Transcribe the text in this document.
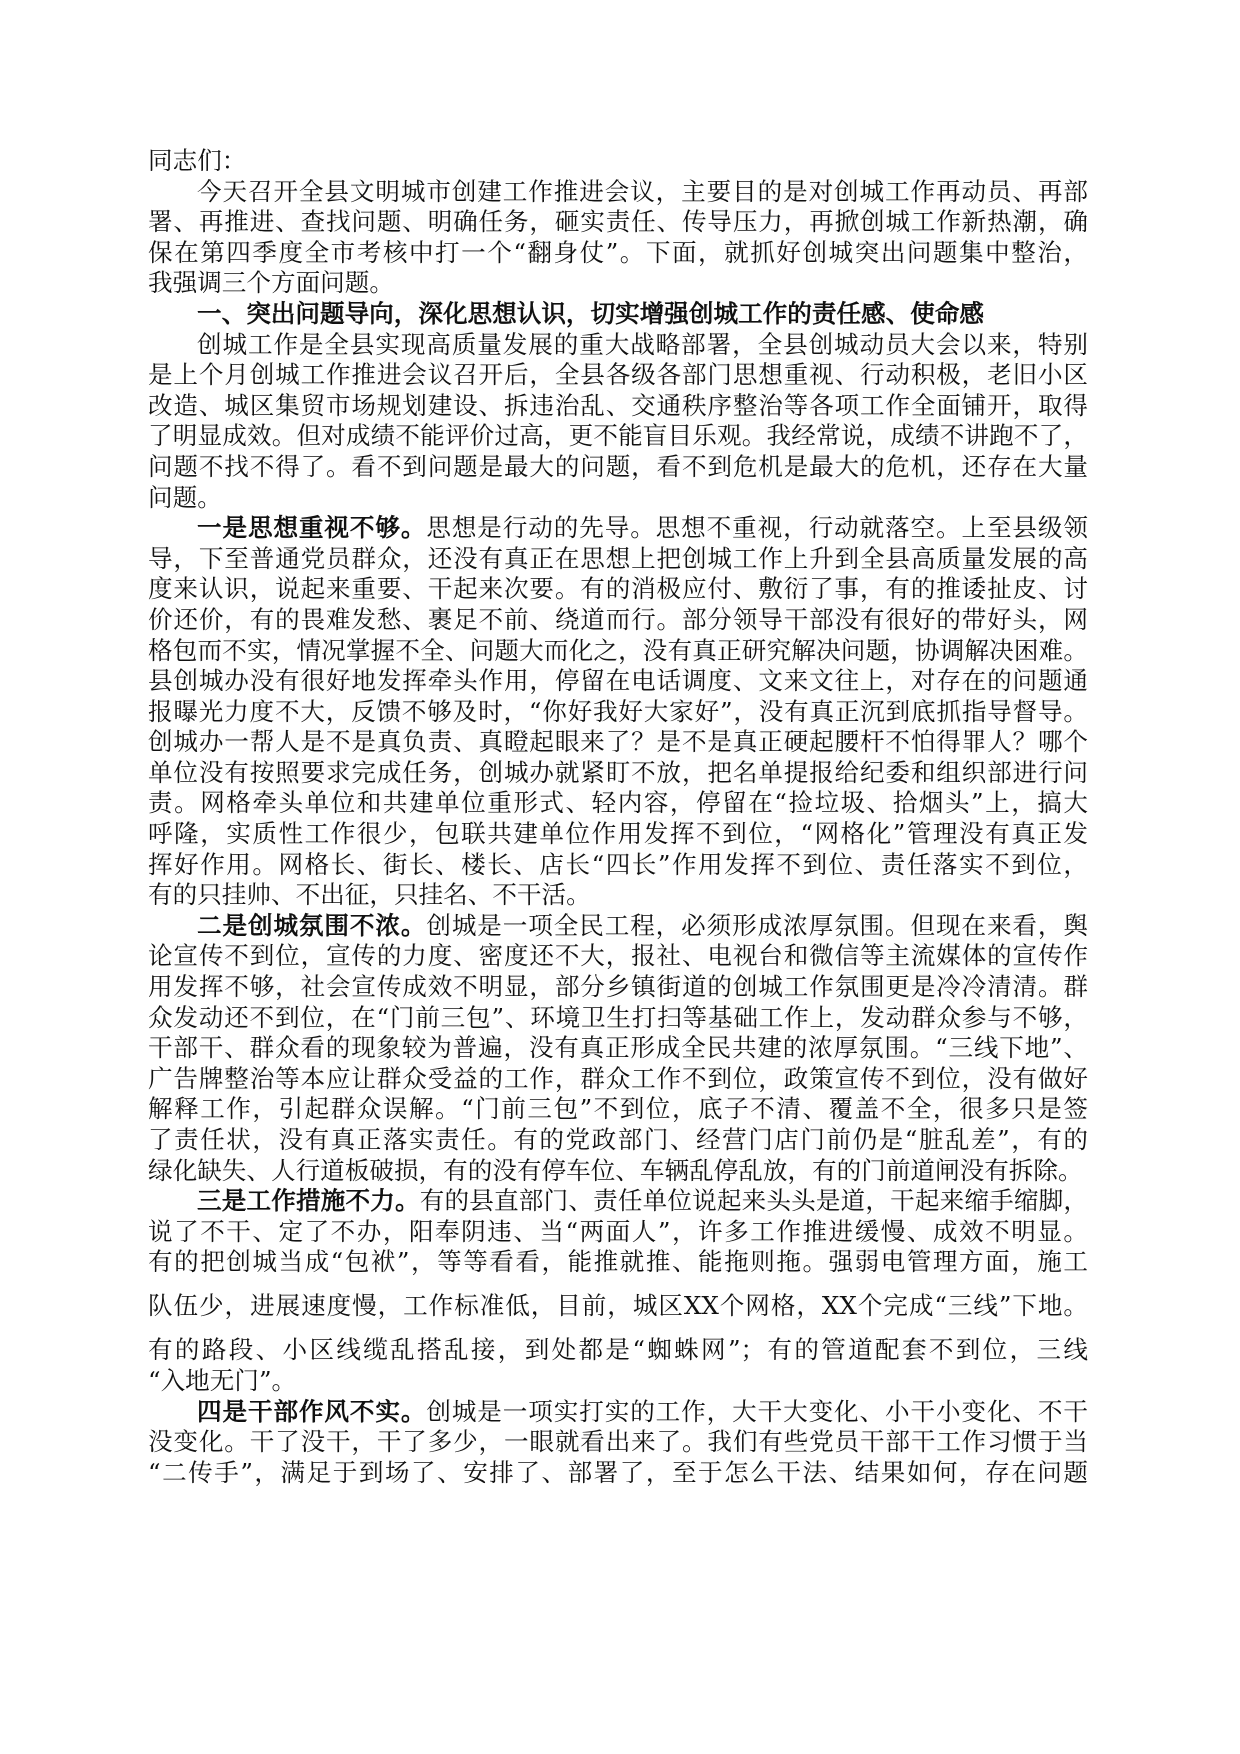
同志们：
今天召开全县文明城市创建工作推进会议，主要目的是对创城工作再动员、再部
署、再推进、查找问题、明确任务，砸实责任、传导压力，再掀创城工作新热潮，确
保在第四季度全市考核中打一个“翻身仗”。下面，就抓好创城突出问题集中整治，
我强调三个方面问题。
一、突出问题导向，深化思想认识，切实增强创城工作的责任感、使命感
创城工作是全县实现高质量发展的重大战略部署，全县创城动员大会以来，特别
是上个月创城工作推进会议召开后，全县各级各部门思想重视、行动积极，老旧小区
改造、城区集贸市场规划建设、拆违治乱、交通秩序整治等各项工作全面铺开，取得
了明显成效。但对成绩不能评价过高，更不能盲目乐观。我经常说，成绩不讲跑不了，
问题不找不得了。看不到问题是最大的问题，看不到危机是最大的危机，还存在大量
问题。
一是思想重视不够。思想是行动的先导。思想不重视，行动就落空。上至县级领
导，下至普通党员群众，还没有真正在思想上把创城工作上升到全县高质量发展的高
度来认识，说起来重要、干起来次要。有的消极应付、敷衍了事，有的推诿扯皮、讨
价还价，有的畏难发愁、裹足不前、绕道而行。部分领导干部没有很好的带好头，网
格包而不实，情况掌握不全、问题大而化之，没有真正研究解决问题，协调解决困难。
县创城办没有很好地发挥牵头作用，停留在电话调度、文来文往上，对存在的问题通
报曝光力度不大，反馈不够及时，“你好我好大家好”，没有真正沉到底抓指导督导。
创城办一帮人是不是真负责、真瞪起眼来了？是不是真正硬起腰杆不怕得罪人？哪个
单位没有按照要求完成任务，创城办就紧盯不放，把名单提报给纪委和组织部进行问
责。网格牵头单位和共建单位重形式、轻内容，停留在“捡垃圾、拾烟头”上，搞大
呼隆，实质性工作很少，包联共建单位作用发挥不到位，“网格化”管理没有真正发
挥好作用。网格长、街长、楼长、店长“四长”作用发挥不到位、责任落实不到位，
有的只挂帅、不出征，只挂名、不干活。
二是创城氛围不浓。创城是一项全民工程，必须形成浓厚氛围。但现在来看，舆
论宣传不到位，宣传的力度、密度还不大，报社、电视台和微信等主流媒体的宣传作
用发挥不够，社会宣传成效不明显，部分乡镇街道的创城工作氛围更是冷冷清清。群
众发动还不到位，在“门前三包”、环境卫生打扫等基础工作上，发动群众参与不够，
干部干、群众看的现象较为普遍，没有真正形成全民共建的浓厚氛围。“三线下地”、
广告牌整治等本应让群众受益的工作，群众工作不到位，政策宣传不到位，没有做好
解释工作，引起群众误解。“门前三包”不到位，底子不清、覆盖不全，很多只是签
了责任状，没有真正落实责任。有的党政部门、经营门店门前仍是“脏乱差”，有的
绿化缺失、人行道板破损，有的没有停车位、车辆乱停乱放，有的门前道闸没有拆除。
三是工作措施不力。有的县直部门、责任单位说起来头头是道，干起来缩手缩脚，
说了不干、定了不办，阳奉阴违、当“两面人”，许多工作推进缓慢、成效不明显。
有的把创城当成“包袱”，等等看看，能推就推、能拖则拖。强弱电管理方面，施工
队伍少，进展速度慢，工作标准低，目前，城区XX个网格，XX个完成“三线”下地。
有的路段、小区线缆乱搭乱接，到处都是“蜘蛛网”；有的管道配套不到位，三线
“入地无门”。
四是干部作风不实。创城是一项实打实的工作，大干大变化、小干小变化、不干
没变化。干了没干，干了多少，一眼就看出来了。我们有些党员干部干工作习惯于当
“二传手”，满足于到场了、安排了、部署了，至于怎么干法、结果如何，存在问题
